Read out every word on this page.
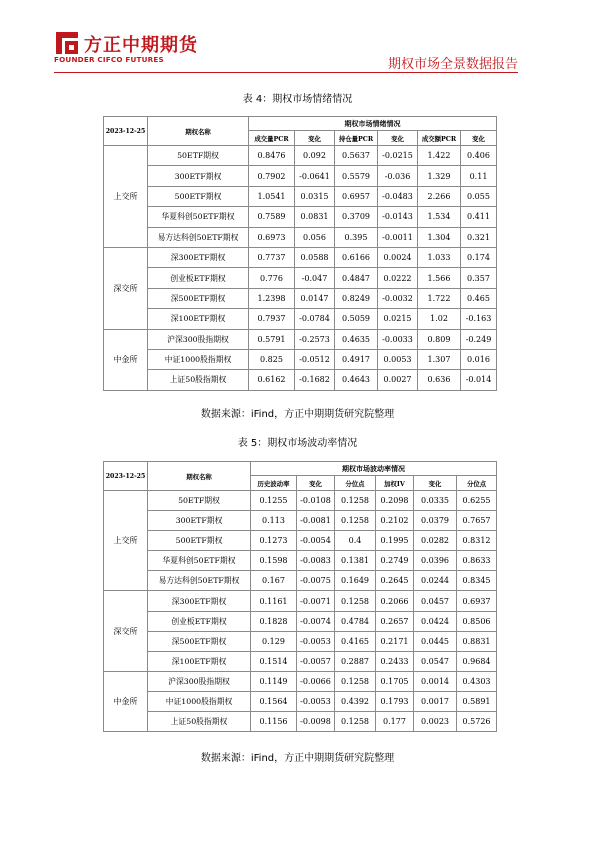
方正中期期货
FOUNDER CIFCO FUTURES	期权市场全景数据报告
表 4：期权市场情绪情况
2023-12-25	期权名称	期权市场情绪情况					
		成交量PCR	变化	持仓量PCR	变化	成交额PCR	变化
上交所	50ETF期权	0.8476	0.092	0.5637	-0.0215	1.422	0.406
	300ETF期权	0.7902	-0.0641	0.5579	-0.036	1.329	0.11
	500ETF期权	1.0541	0.0315	0.6957	-0.0483	2.266	0.055
	华夏科创50ETF期权	0.7589	0.0831	0.3709	-0.0143	1.534	0.411
	易方达科创50ETF期权	0.6973	0.056	0.395	-0.0011	1.304	0.321
深交所	深300ETF期权	0.7737	0.0588	0.6166	0.0024	1.033	0.174
	创业板ETF期权	0.776	-0.047	0.4847	0.0222	1.566	0.357
	深500ETF期权	1.2398	0.0147	0.8249	-0.0032	1.722	0.465
	深100ETF期权	0.7937	-0.0784	0.5059	0.0215	1.02	-0.163
中金所	沪深300股指期权	0.5791	-0.2573	0.4635	-0.0033	0.809	-0.249
	中证1000股指期权	0.825	-0.0512	0.4917	0.0053	1.307	0.016
	上证50股指期权	0.6162	-0.1682	0.4643	0.0027	0.636	-0.014
数据来源：iFind，方正中期期货研究院整理
表 5：期权市场波动率情况
2023-12-25	期权名称	期权市场波动率情况					
		历史波动率	变化	分位点	加权IV	变化	分位点
上交所	50ETF期权	0.1255	-0.0108	0.1258	0.2098	0.0335	0.6255
	300ETF期权	0.113	-0.0081	0.1258	0.2102	0.0379	0.7657
	500ETF期权	0.1273	-0.0054	0.4	0.1995	0.0282	0.8312
	华夏科创50ETF期权	0.1598	-0.0083	0.1381	0.2749	0.0396	0.8633
	易方达科创50ETF期权	0.167	-0.0075	0.1649	0.2645	0.0244	0.8345
深交所	深300ETF期权	0.1161	-0.0071	0.1258	0.2066	0.0457	0.6937
	创业板ETF期权	0.1828	-0.0074	0.4784	0.2657	0.0424	0.8506
	深500ETF期权	0.129	-0.0053	0.4165	0.2171	0.0445	0.8831
	深100ETF期权	0.1514	-0.0057	0.2887	0.2433	0.0547	0.9684
中金所	沪深300股指期权	0.1149	-0.0066	0.1258	0.1705	0.0014	0.4303
	中证1000股指期权	0.1564	-0.0053	0.4392	0.1793	0.0017	0.5891
	上证50股指期权	0.1156	-0.0098	0.1258	0.177	0.0023	0.5726
数据来源：iFind，方正中期期货研究院整理
